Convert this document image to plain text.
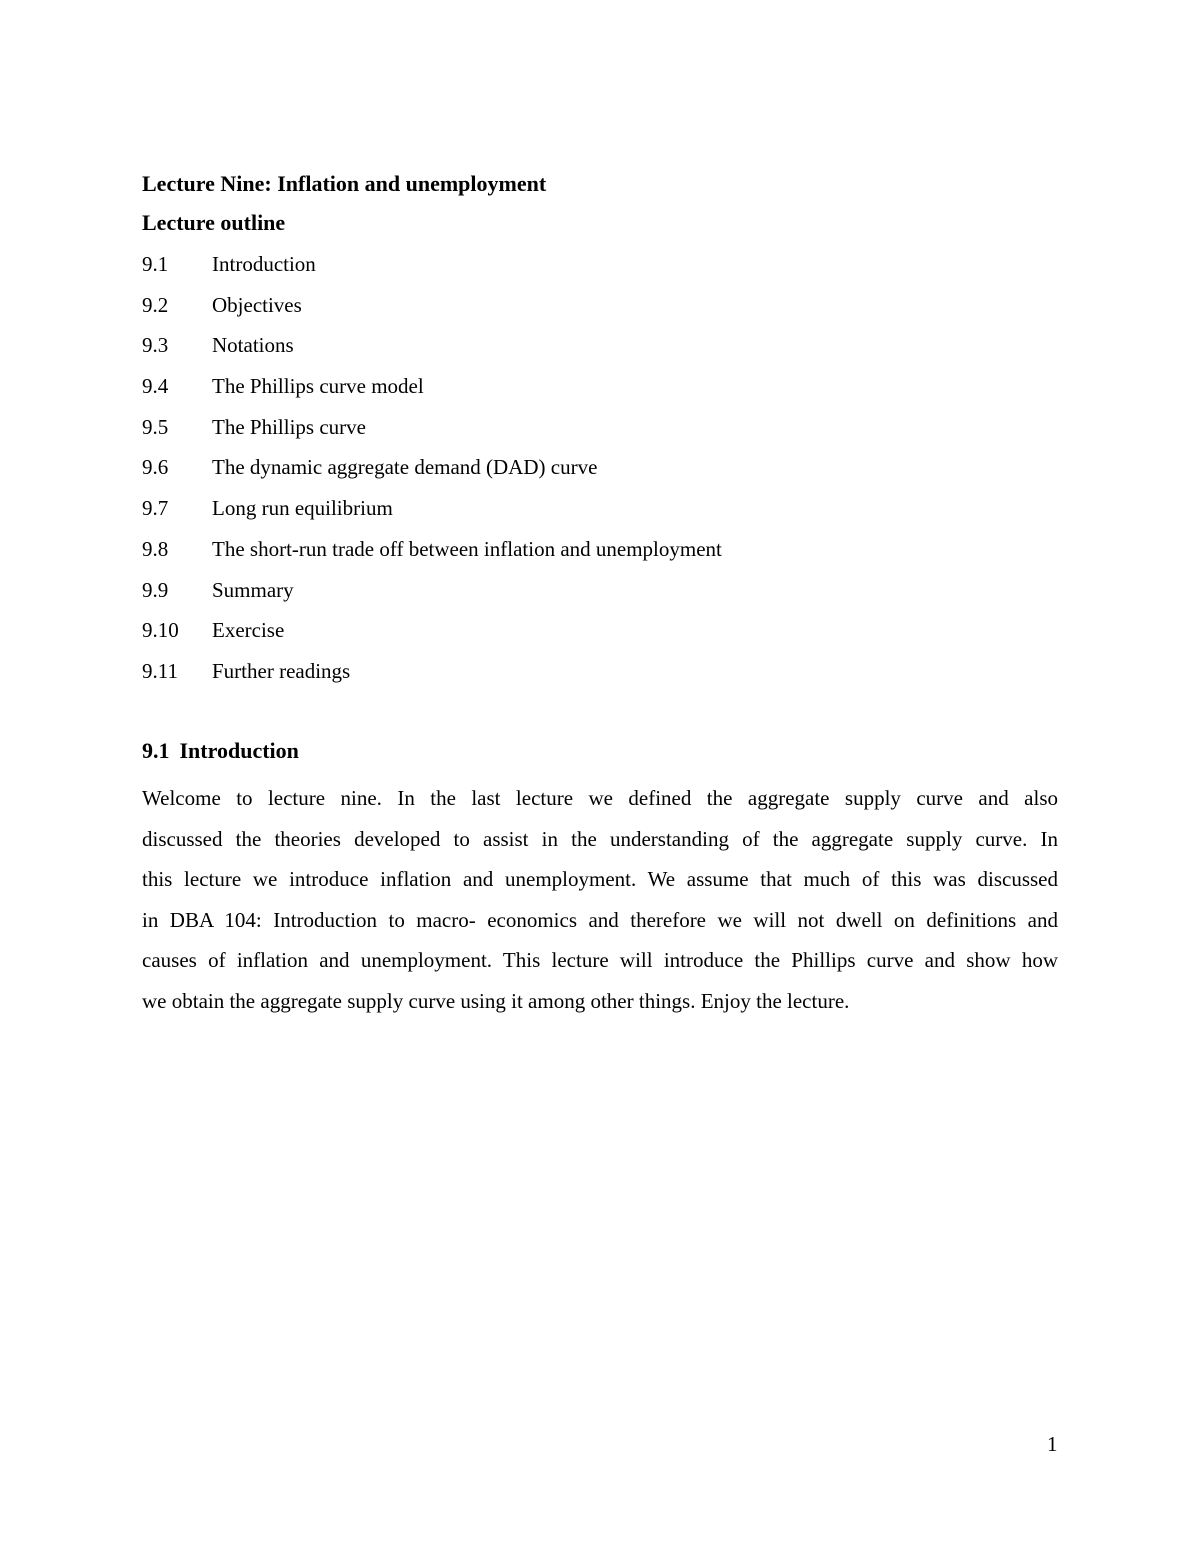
Lecture Nine: Inflation and unemployment
Lecture outline
9.1 Introduction
9.2 Objectives
9.3 Notations
9.4 The Phillips curve model
9.5 The Phillips curve
9.6 The dynamic aggregate demand (DAD) curve
9.7 Long run equilibrium
9.8 The short-run trade off between inflation and unemployment
9.9 Summary
9.10 Exercise
9.11 Further readings
9.1 Introduction
Welcome to lecture nine. In the last lecture we defined the aggregate supply curve and also
discussed the theories developed to assist in the understanding of the aggregate supply curve. In
this lecture we introduce inflation and unemployment. We assume that much of this was discussed
in DBA 104: Introduction to macro- economics and therefore we will not dwell on definitions and
causes of inflation and unemployment. This lecture will introduce the Phillips curve and show how
we obtain the aggregate supply curve using it among other things. Enjoy the lecture.
1
